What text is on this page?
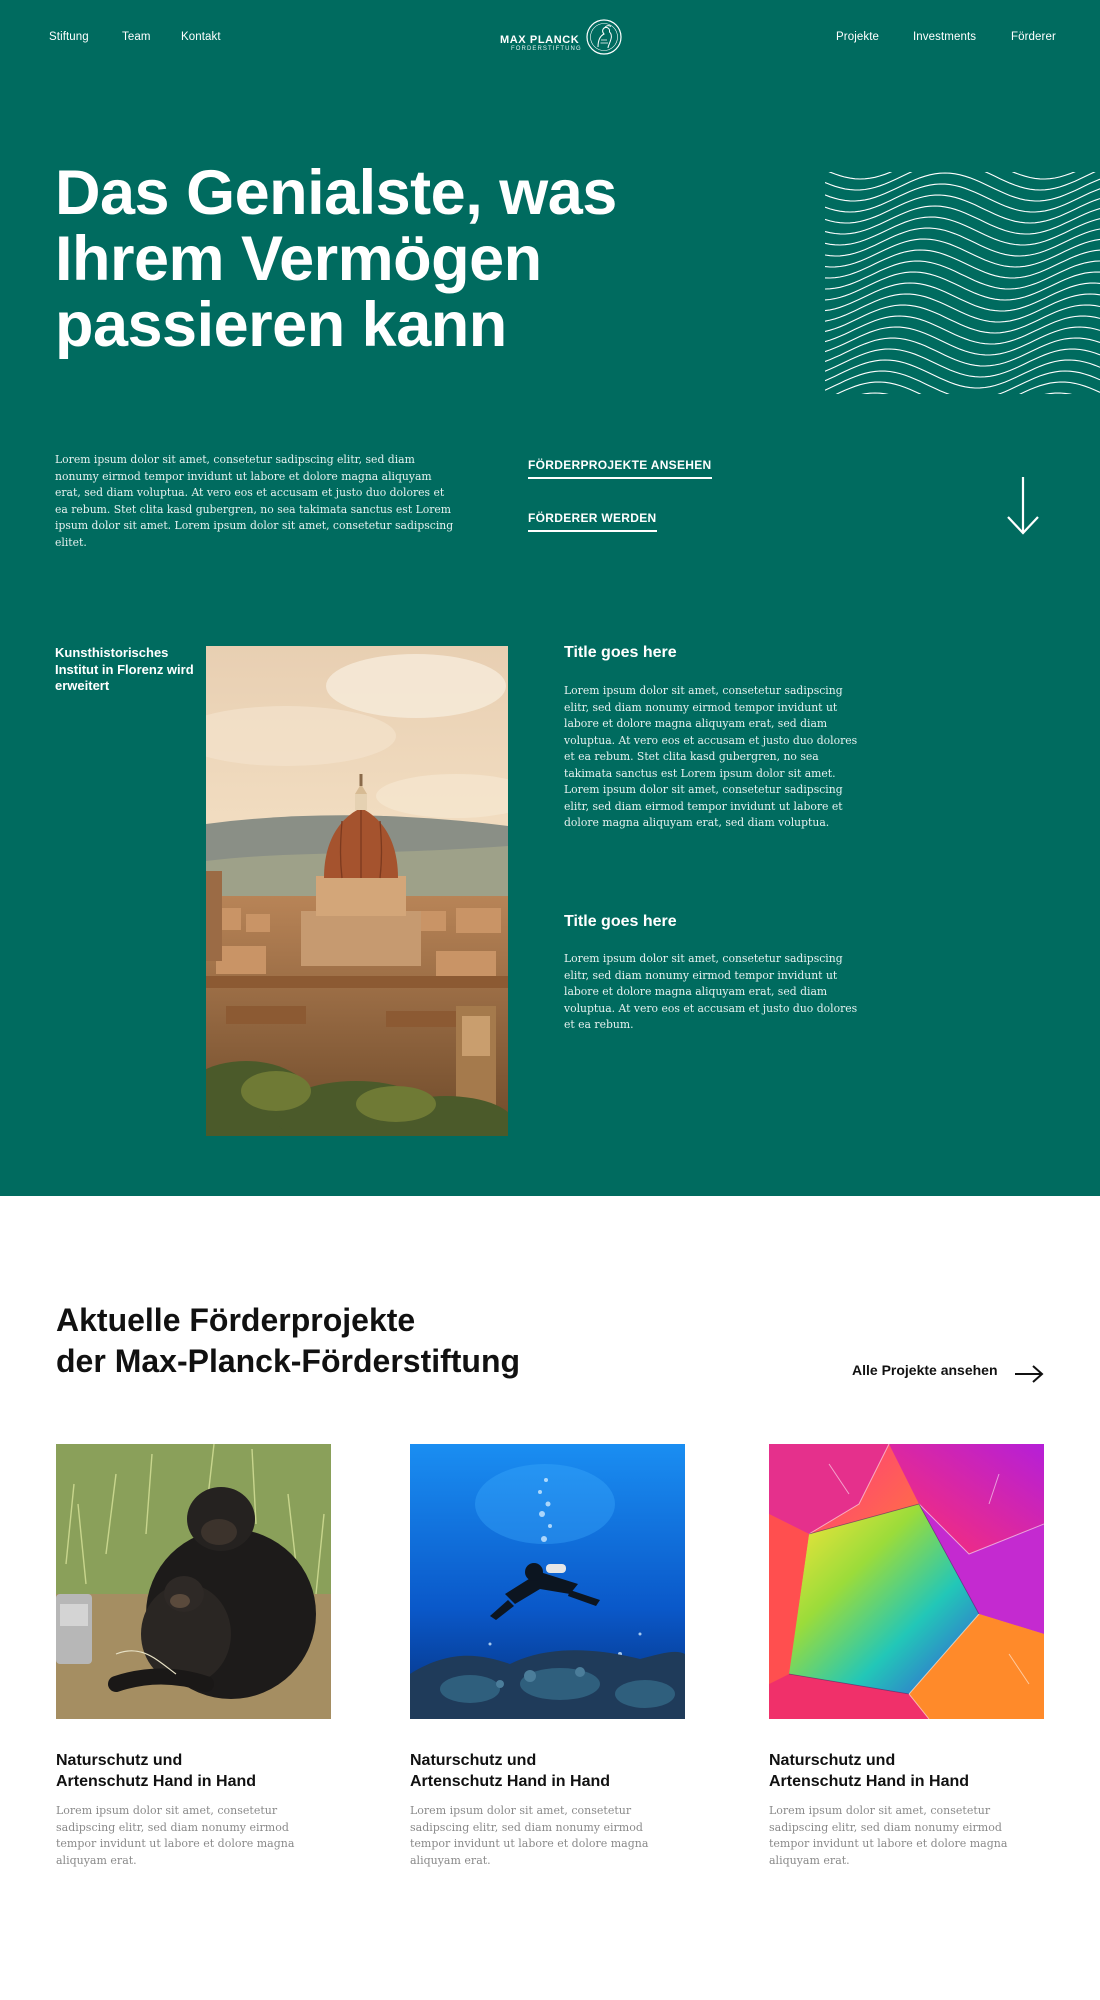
Stiftung	Team	Kontakt	MAX PLANCK
FÖRDERSTIFTUNG
Projekte	Investments	Förderer
Das Genialste, was Ihrem Vermögen passieren kann

Lorem ipsum dolor sit amet, consetetur sadipscing elitr, sed diam nonumy eirmod tempor invidunt ut labore et dolore magna aliquyam erat, sed diam voluptua. At vero eos et accusam et justo duo dolores et ea rebum. Stet clita kasd gubergren, no sea takimata sanctus est Lorem ipsum dolor sit amet. Lorem ipsum dolor sit amet, consetetur sadipscing elitet.

FÖRDERPROJEKTE ANSEHEN
FÖRDERER WERDEN

Kunsthistorisches Institut in Florenz wird erweitert

Title goes here

Lorem ipsum dolor sit amet, consetetur sadipscing elitr, sed diam nonumy eirmod tempor invidunt ut labore et dolore magna aliquyam erat, sed diam voluptua. At vero eos et accusam et justo duo dolores et ea rebum. Stet clita kasd gubergren, no sea takimata sanctus est Lorem ipsum dolor sit amet. Lorem ipsum dolor sit amet, consetetur sadipscing elitr, sed diam eirmod tempor invidunt ut labore et dolore magna aliquyam erat, sed diam voluptua.

Title goes here

Lorem ipsum dolor sit amet, consetetur sadipscing elitr, sed diam nonumy eirmod tempor invidunt ut labore et dolore magna aliquyam erat, sed diam voluptua. At vero eos et accusam et justo duo dolores et ea rebum.

Aktuelle Förderprojekte
der Max-Planck-Förderstiftung	Alle Projekte ansehen

Naturschutz und
Artenschutz Hand in Hand

Lorem ipsum dolor sit amet, consetetur sadipscing elitr, sed diam nonumy eirmod tempor invidunt ut labore et dolore magna aliquyam erat.

Naturschutz und
Artenschutz Hand in Hand

Lorem ipsum dolor sit amet, consetetur sadipscing elitr, sed diam nonumy eirmod tempor invidunt ut labore et dolore magna aliquyam erat.

Naturschutz und
Artenschutz Hand in Hand

Lorem ipsum dolor sit amet, consetetur sadipscing elitr, sed diam nonumy eirmod tempor invidunt ut labore et dolore magna aliquyam erat.
